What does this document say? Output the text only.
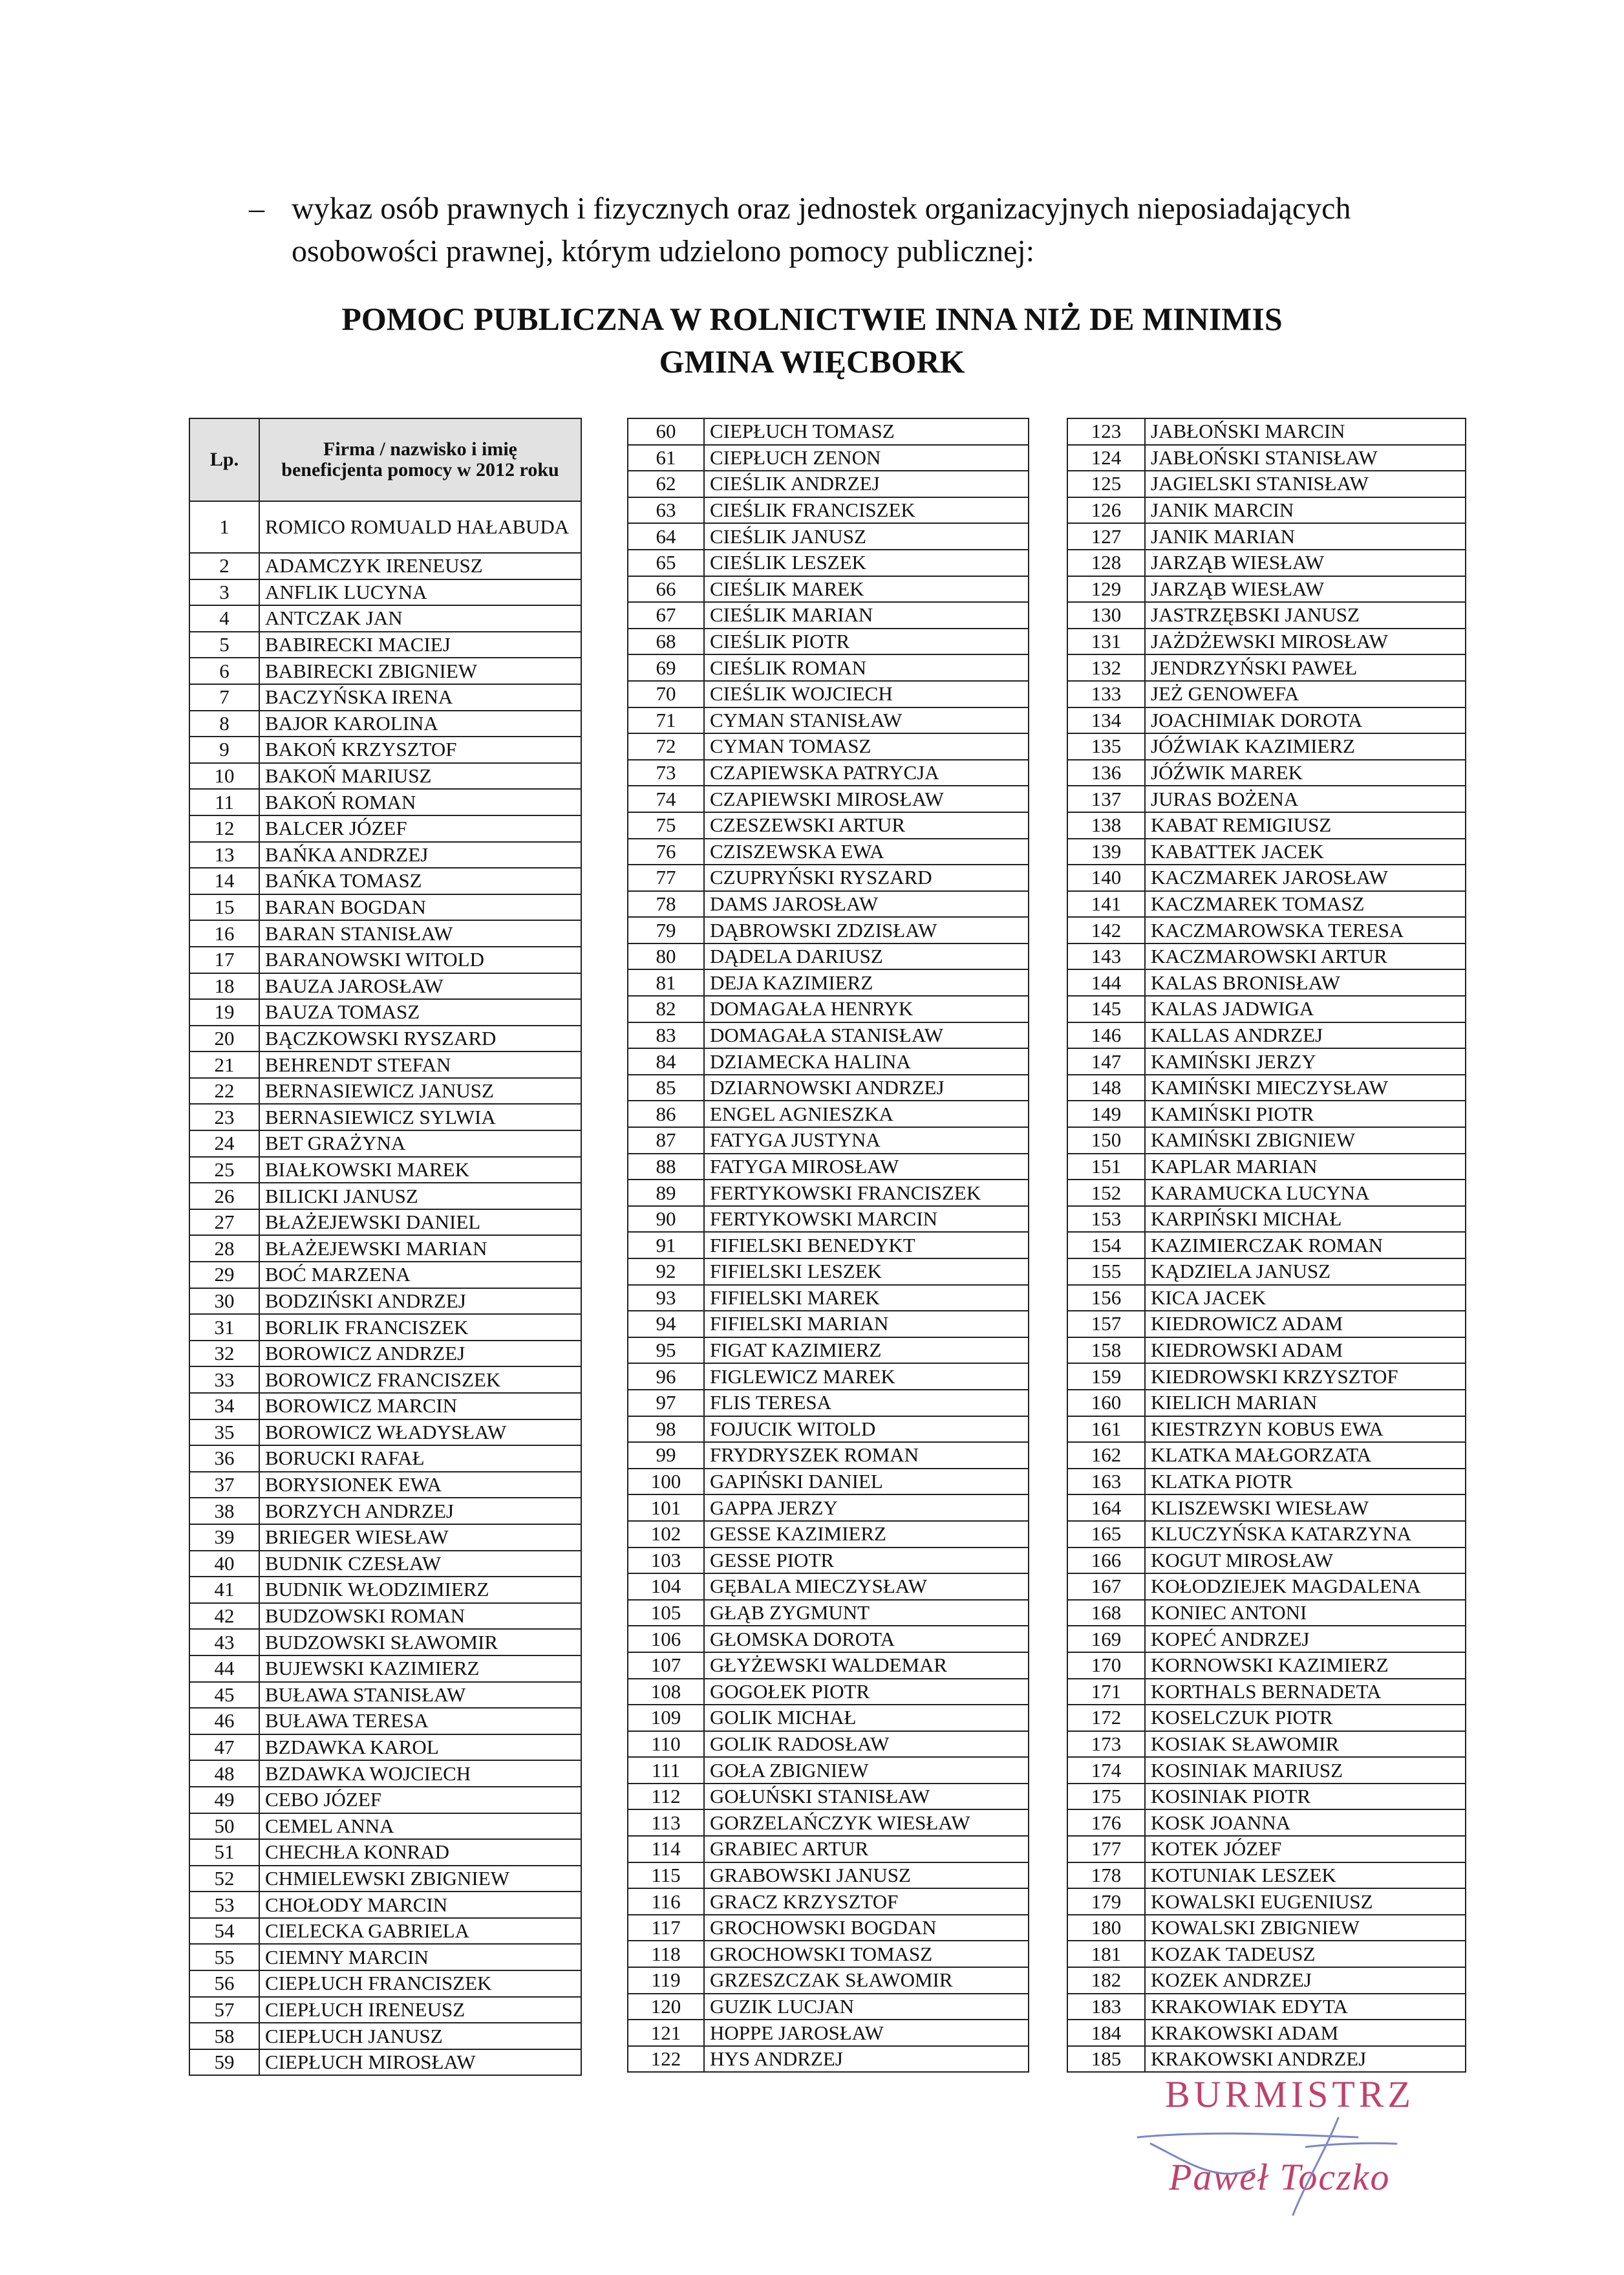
– wykaz osób prawnych i fizycznych oraz jednostek organizacyjnych nieposiadających osobowości prawnej, którym udzielono pomocy publicznej:
POMOC PUBLICZNA W ROLNICTWIE INNA NIŻ DE MINIMIS
GMINA WIĘCBORK
Lp.	Firma / nazwisko i imię beneficjenta pomocy w 2012 roku
1	ROMICO ROMUALD HAŁABUDA
2	ADAMCZYK IRENEUSZ
3	ANFLIK LUCYNA
4	ANTCZAK JAN
5	BABIRECKI MACIEJ
6	BABIRECKI ZBIGNIEW
7	BACZYŃSKA IRENA
8	BAJOR KAROLINA
9	BAKOŃ KRZYSZTOF
10	BAKOŃ MARIUSZ
11	BAKOŃ ROMAN
12	BALCER JÓZEF
13	BAŃKA ANDRZEJ
14	BAŃKA TOMASZ
15	BARAN BOGDAN
16	BARAN STANISŁAW
17	BARANOWSKI WITOLD
18	BAUZA JAROSŁAW
19	BAUZA TOMASZ
20	BĄCZKOWSKI RYSZARD
21	BEHRENDT STEFAN
22	BERNASIEWICZ JANUSZ
23	BERNASIEWICZ SYLWIA
24	BET GRAŻYNA
25	BIAŁKOWSKI MAREK
26	BILICKI JANUSZ
27	BŁAŻEJEWSKI DANIEL
28	BŁAŻEJEWSKI MARIAN
29	BOĆ MARZENA
30	BODZIŃSKI ANDRZEJ
31	BORLIK FRANCISZEK
32	BOROWICZ ANDRZEJ
33	BOROWICZ FRANCISZEK
34	BOROWICZ MARCIN
35	BOROWICZ WŁADYSŁAW
36	BORUCKI RAFAŁ
37	BORYSIONEK EWA
38	BORZYCH ANDRZEJ
39	BRIEGER WIESŁAW
40	BUDNIK CZESŁAW
41	BUDNIK WŁODZIMIERZ
42	BUDZOWSKI ROMAN
43	BUDZOWSKI SŁAWOMIR
44	BUJEWSKI KAZIMIERZ
45	BUŁAWA STANISŁAW
46	BUŁAWA TERESA
47	BZDAWKA KAROL
48	BZDAWKA WOJCIECH
49	CEBO JÓZEF
50	CEMEL ANNA
51	CHECHŁA KONRAD
52	CHMIELEWSKI ZBIGNIEW
53	CHOŁODY MARCIN
54	CIELECKA GABRIELA
55	CIEMNY MARCIN
56	CIEPŁUCH FRANCISZEK
57	CIEPŁUCH IRENEUSZ
58	CIEPŁUCH JANUSZ
59	CIEPŁUCH MIROSŁAW
60	CIEPŁUCH TOMASZ
61	CIEPŁUCH ZENON
62	CIEŚLIK ANDRZEJ
63	CIEŚLIK FRANCISZEK
64	CIEŚLIK JANUSZ
65	CIEŚLIK LESZEK
66	CIEŚLIK MAREK
67	CIEŚLIK MARIAN
68	CIEŚLIK PIOTR
69	CIEŚLIK ROMAN
70	CIEŚLIK WOJCIECH
71	CYMAN STANISŁAW
72	CYMAN TOMASZ
73	CZAPIEWSKA PATRYCJA
74	CZAPIEWSKI MIROSŁAW
75	CZESZEWSKI ARTUR
76	CZISZEWSKA EWA
77	CZUPRYŃSKI RYSZARD
78	DAMS JAROSŁAW
79	DĄBROWSKI ZDZISŁAW
80	DĄDELA DARIUSZ
81	DEJA KAZIMIERZ
82	DOMAGAŁA HENRYK
83	DOMAGAŁA STANISŁAW
84	DZIAMECKA HALINA
85	DZIARNOWSKI ANDRZEJ
86	ENGEL AGNIESZKA
87	FATYGA JUSTYNA
88	FATYGA MIROSŁAW
89	FERTYKOWSKI FRANCISZEK
90	FERTYKOWSKI MARCIN
91	FIFIELSKI BENEDYKT
92	FIFIELSKI LESZEK
93	FIFIELSKI MAREK
94	FIFIELSKI MARIAN
95	FIGAT KAZIMIERZ
96	FIGLEWICZ MAREK
97	FLIS TERESA
98	FOJUCIK WITOLD
99	FRYDRYSZEK ROMAN
100	GAPIŃSKI DANIEL
101	GAPPA JERZY
102	GESSE KAZIMIERZ
103	GESSE PIOTR
104	GĘBALA MIECZYSŁAW
105	GŁĄB ZYGMUNT
106	GŁOMSKA DOROTA
107	GŁYŻEWSKI WALDEMAR
108	GOGOŁEK PIOTR
109	GOLIK MICHAŁ
110	GOLIK RADOSŁAW
111	GOŁA ZBIGNIEW
112	GOŁUŃSKI STANISŁAW
113	GORZELAŃCZYK WIESŁAW
114	GRABIEC ARTUR
115	GRABOWSKI JANUSZ
116	GRACZ KRZYSZTOF
117	GROCHOWSKI BOGDAN
118	GROCHOWSKI TOMASZ
119	GRZESZCZAK SŁAWOMIR
120	GUZIK LUCJAN
121	HOPPE JAROSŁAW
122	HYS ANDRZEJ
123	JABŁOŃSKI MARCIN
124	JABŁOŃSKI STANISŁAW
125	JAGIELSKI STANISŁAW
126	JANIK MARCIN
127	JANIK MARIAN
128	JARZĄB WIESŁAW
129	JARZĄB WIESŁAW
130	JASTRZĘBSKI JANUSZ
131	JAŻDŻEWSKI MIROSŁAW
132	JENDRZYŃSKI PAWEŁ
133	JEŻ GENOWEFA
134	JOACHIMIAK DOROTA
135	JÓŹWIAK KAZIMIERZ
136	JÓŹWIK MAREK
137	JURAS BOŻENA
138	KABAT REMIGIUSZ
139	KABATTEK JACEK
140	KACZMAREK JAROSŁAW
141	KACZMAREK TOMASZ
142	KACZMAROWSKA TERESA
143	KACZMAROWSKI ARTUR
144	KALAS BRONISŁAW
145	KALAS JADWIGA
146	KALLAS ANDRZEJ
147	KAMIŃSKI JERZY
148	KAMIŃSKI MIECZYSŁAW
149	KAMIŃSKI PIOTR
150	KAMIŃSKI ZBIGNIEW
151	KAPLAR MARIAN
152	KARAMUCKA LUCYNA
153	KARPIŃSKI MICHAŁ
154	KAZIMIERCZAK ROMAN
155	KĄDZIELA JANUSZ
156	KICA JACEK
157	KIEDROWICZ ADAM
158	KIEDROWSKI ADAM
159	KIEDROWSKI KRZYSZTOF
160	KIELICH MARIAN
161	KIESTRZYN KOBUS EWA
162	KLATKA MAŁGORZATA
163	KLATKA PIOTR
164	KLISZEWSKI WIESŁAW
165	KLUCZYŃSKA KATARZYNA
166	KOGUT MIROSŁAW
167	KOŁODZIEJEK MAGDALENA
168	KONIEC ANTONI
169	KOPEĆ ANDRZEJ
170	KORNOWSKI KAZIMIERZ
171	KORTHALS BERNADETA
172	KOSELCZUK PIOTR
173	KOSIAK SŁAWOMIR
174	KOSINIAK MARIUSZ
175	KOSINIAK PIOTR
176	KOSK JOANNA
177	KOTEK JÓZEF
178	KOTUNIAK LESZEK
179	KOWALSKI EUGENIUSZ
180	KOWALSKI ZBIGNIEW
181	KOZAK TADEUSZ
182	KOZEK ANDRZEJ
183	KRAKOWIAK EDYTA
184	KRAKOWSKI ADAM
185	KRAKOWSKI ANDRZEJ
BURMISTRZ
Paweł Toczko
